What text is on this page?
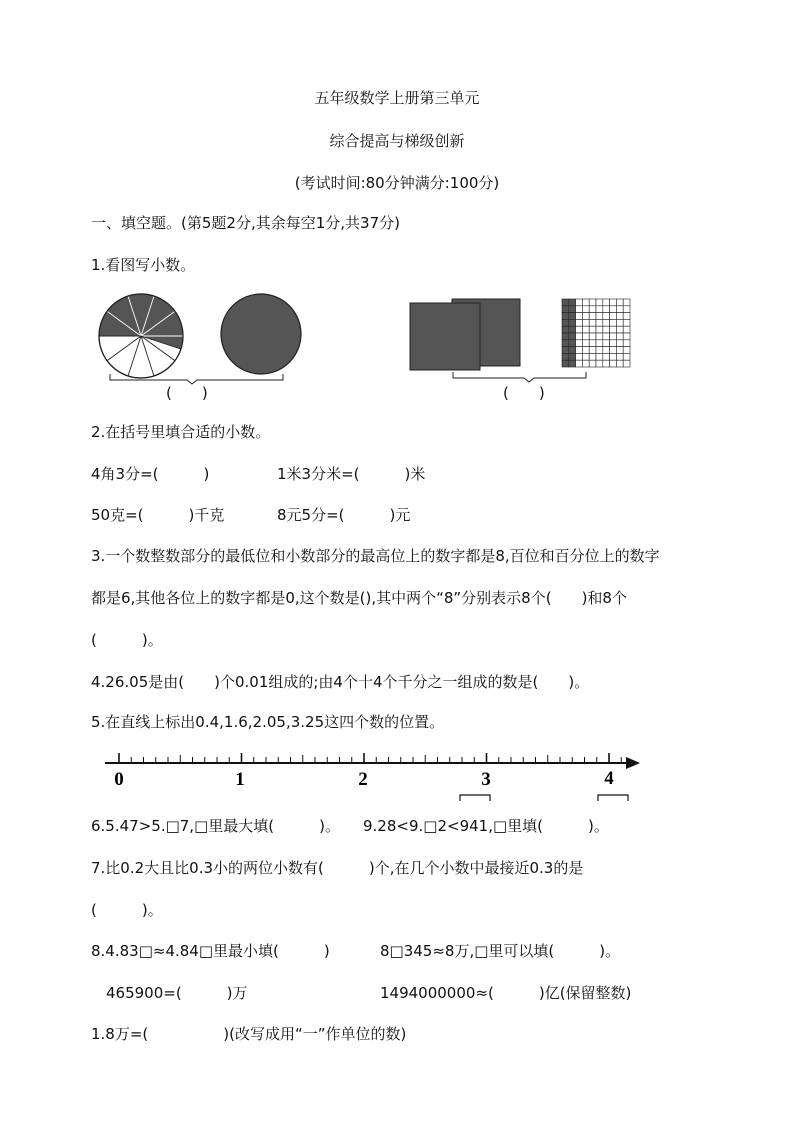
五年级数学上册第三单元
综合提高与梯级创新
(考试时间:80分钟满分:100分)
一、填空题。(第5题2分,其余每空1分,共37分)
1.看图写小数。
(　　)	(　　)
2.在括号里填合适的小数。
4角3分=(　　　)	1米3分米=(　　　)米
50克=(　　　)千克	8元5分=(　　　)元
3.一个数整数部分的最低位和小数部分的最高位上的数字都是8,百位和百分位上的数字
都是6,其他各位上的数字都是0,这个数是(),其中两个“8”分别表示8个(　　)和8个
(　　　)。
4.26.05是由(　　)个0.01组成的;由4个十4个千分之一组成的数是(　　)。
5.在直线上标出0.4,1.6,2.05,3.25这四个数的位置。
0	1	2	3	4
6.5.47>5.□7,□里最大填(　　　)。 9.28<9.□2<941,□里填(　　　)。
7.比0.2大且比0.3小的两位小数有(　　　)个,在几个小数中最接近0.3的是
(　　　)。
8.4.83□≈4.84□里最小填(　　　)	8□345≈8万,□里可以填(　　　)。
465900=(　　　)万	1494000000≈(　　　)亿(保留整数)
1.8万=(　　　　　)(改写成用“一”作单位的数)
